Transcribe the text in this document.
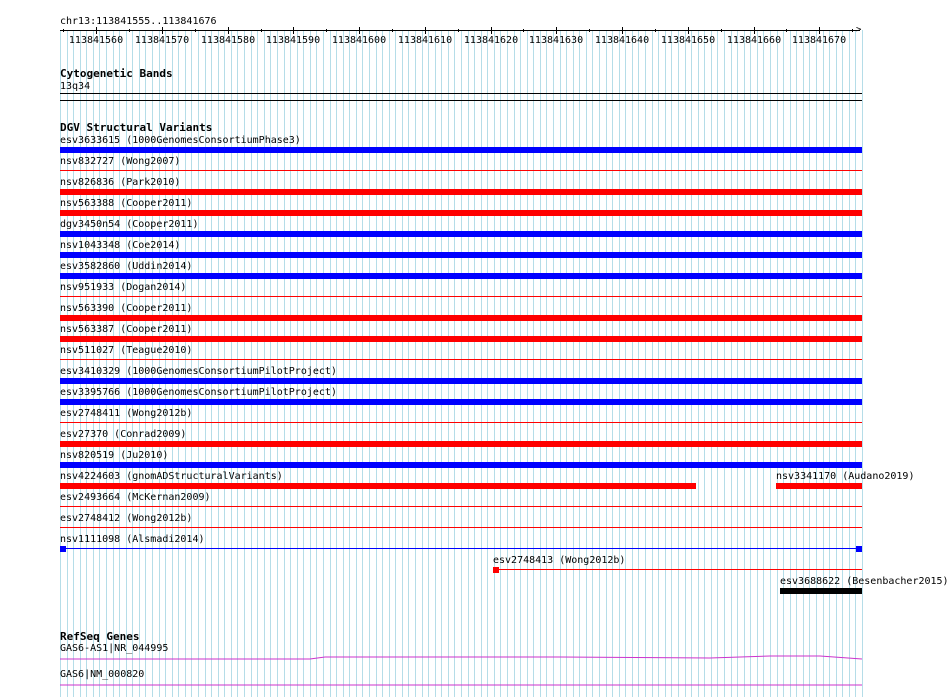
chr13:113841555..113841676
>
113841560 113841570 113841580 113841590 113841600 113841610 113841620 113841630 113841640 113841650 113841660 113841670
Cytogenetic Bands
13q34
DGV Structural Variants
esv3633615 (1000GenomesConsortiumPhase3)
nsv832727 (Wong2007)
nsv826836 (Park2010)
nsv563388 (Cooper2011)
dgv3450n54 (Cooper2011)
nsv1043348 (Coe2014)
esv3582860 (Uddin2014)
nsv951933 (Dogan2014)
nsv563390 (Cooper2011)
nsv563387 (Cooper2011)
nsv511027 (Teague2010)
esv3410329 (1000GenomesConsortiumPilotProject)
esv3395766 (1000GenomesConsortiumPilotProject)
esv2748411 (Wong2012b)
esv27370 (Conrad2009)
nsv820519 (Ju2010)
nsv4224603 (gnomADStructuralVariants)
esv2493664 (McKernan2009)
esv2748412 (Wong2012b)
nsv1111098 (Alsmadi2014)
nsv3341170 (Audano2019)
esv2748413 (Wong2012b)
esv3688622 (Besenbacher2015)
RefSeq Genes
GAS6-AS1|NR_044995
GAS6|NM_000820
